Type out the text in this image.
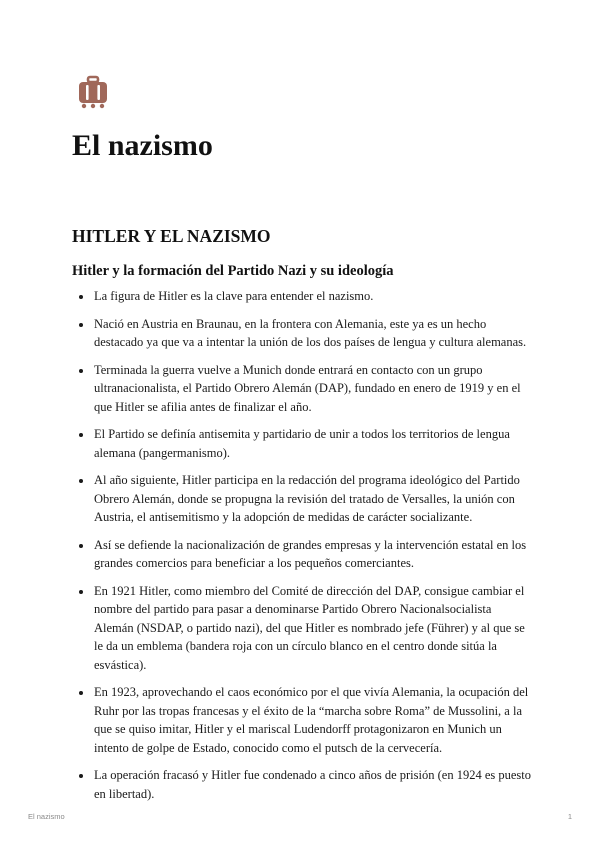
El nazismo
HITLER Y EL NAZISMO
Hitler y la formación del Partido Nazi y su ideología
La figura de Hitler es la clave para entender el nazismo.
Nació en Austria en Braunau, en la frontera con Alemania, este ya es un hecho destacado ya que va a intentar la unión de los dos países de lengua y cultura alemanas.
Terminada la guerra vuelve a Munich donde entrará en contacto con un grupo ultranacionalista, el Partido Obrero Alemán (DAP), fundado en enero de 1919 y en el que Hitler se afilia antes de finalizar el año.
El Partido se definía antisemita y partidario de unir a todos los territorios de lengua alemana (pangermanismo).
Al año siguiente, Hitler participa en la redacción del programa ideológico del Partido Obrero Alemán, donde se propugna la revisión del tratado de Versalles, la unión con Austria, el antisemitismo y la adopción de medidas de carácter socializante.
Así se defiende la nacionalización de grandes empresas y la intervención estatal en los grandes comercios para beneficiar a los pequeños comerciantes.
En 1921 Hitler, como miembro del Comité de dirección del DAP, consigue cambiar el nombre del partido para pasar a denominarse Partido Obrero Nacionalsocialista Alemán (NSDAP, o partido nazi), del que Hitler es nombrado jefe (Führer) y al que se le da un emblema (bandera roja con un círculo blanco en el centro donde sitúa la esvástica).
En 1923, aprovechando el caos económico por el que vivía Alemania, la ocupación del Ruhr por las tropas francesas y el éxito de la “marcha sobre Roma” de Mussolini, a la que se quiso imitar, Hitler y el mariscal Ludendorff protagonizaron en Munich un intento de golpe de Estado, conocido como el putsch de la cervecería.
La operación fracasó y Hitler fue condenado a cinco años de prisión (en 1924 es puesto en libertad).
El nazismo	1
